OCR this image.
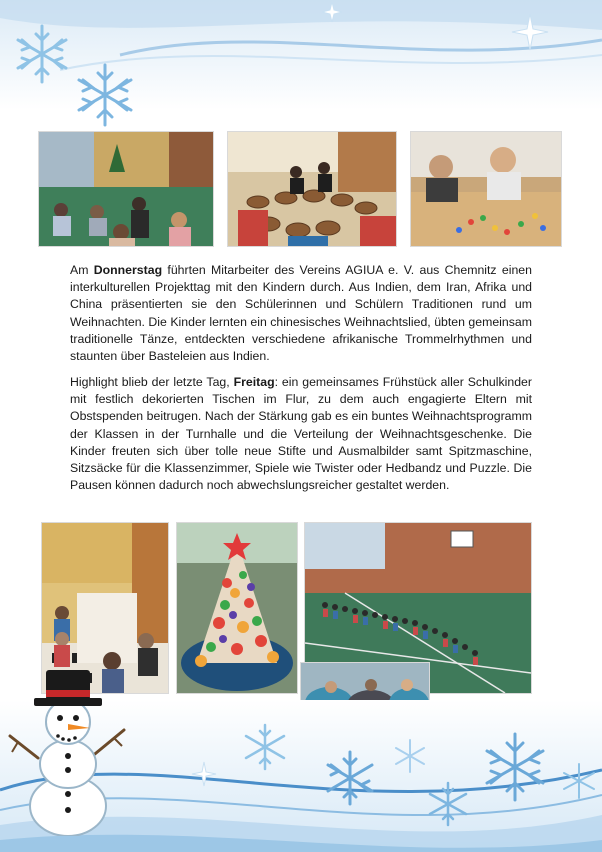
Am Donnerstag führten Mitarbeiter des Vereins AGIUA e. V. aus Chemnitz einen interkulturellen Projekttag mit den Kindern durch. Aus Indien, dem Iran, Afrika und China präsentierten sie den Schülerinnen und Schülern Traditionen rund um Weihnachten. Die Kinder lernten ein chinesisches Weihnachtslied, übten gemeinsam traditionelle Tänze, entdeckten verschiedene afrikanische Trommelrhythmen und staunten über Basteleien aus Indien.

Highlight blieb der letzte Tag, Freitag: ein gemeinsames Frühstück aller Schulkinder mit festlich dekorierten Tischen im Flur, zu dem auch engagierte Eltern mit Obstspenden beitrugen. Nach der Stärkung gab es ein buntes Weihnachtsprogramm der Klassen in der Turnhalle und die Verteilung der Weihnachtsgeschenke. Die Kinder freuten sich über tolle neue Stifte und Ausmalbilder samt Spitzmaschine, Sitzsäcke für die Klassenzimmer, Spiele wie Twister oder Hedbandz und Puzzle. Die Pausen können dadurch noch abwechslungsreicher gestaltet werden.
